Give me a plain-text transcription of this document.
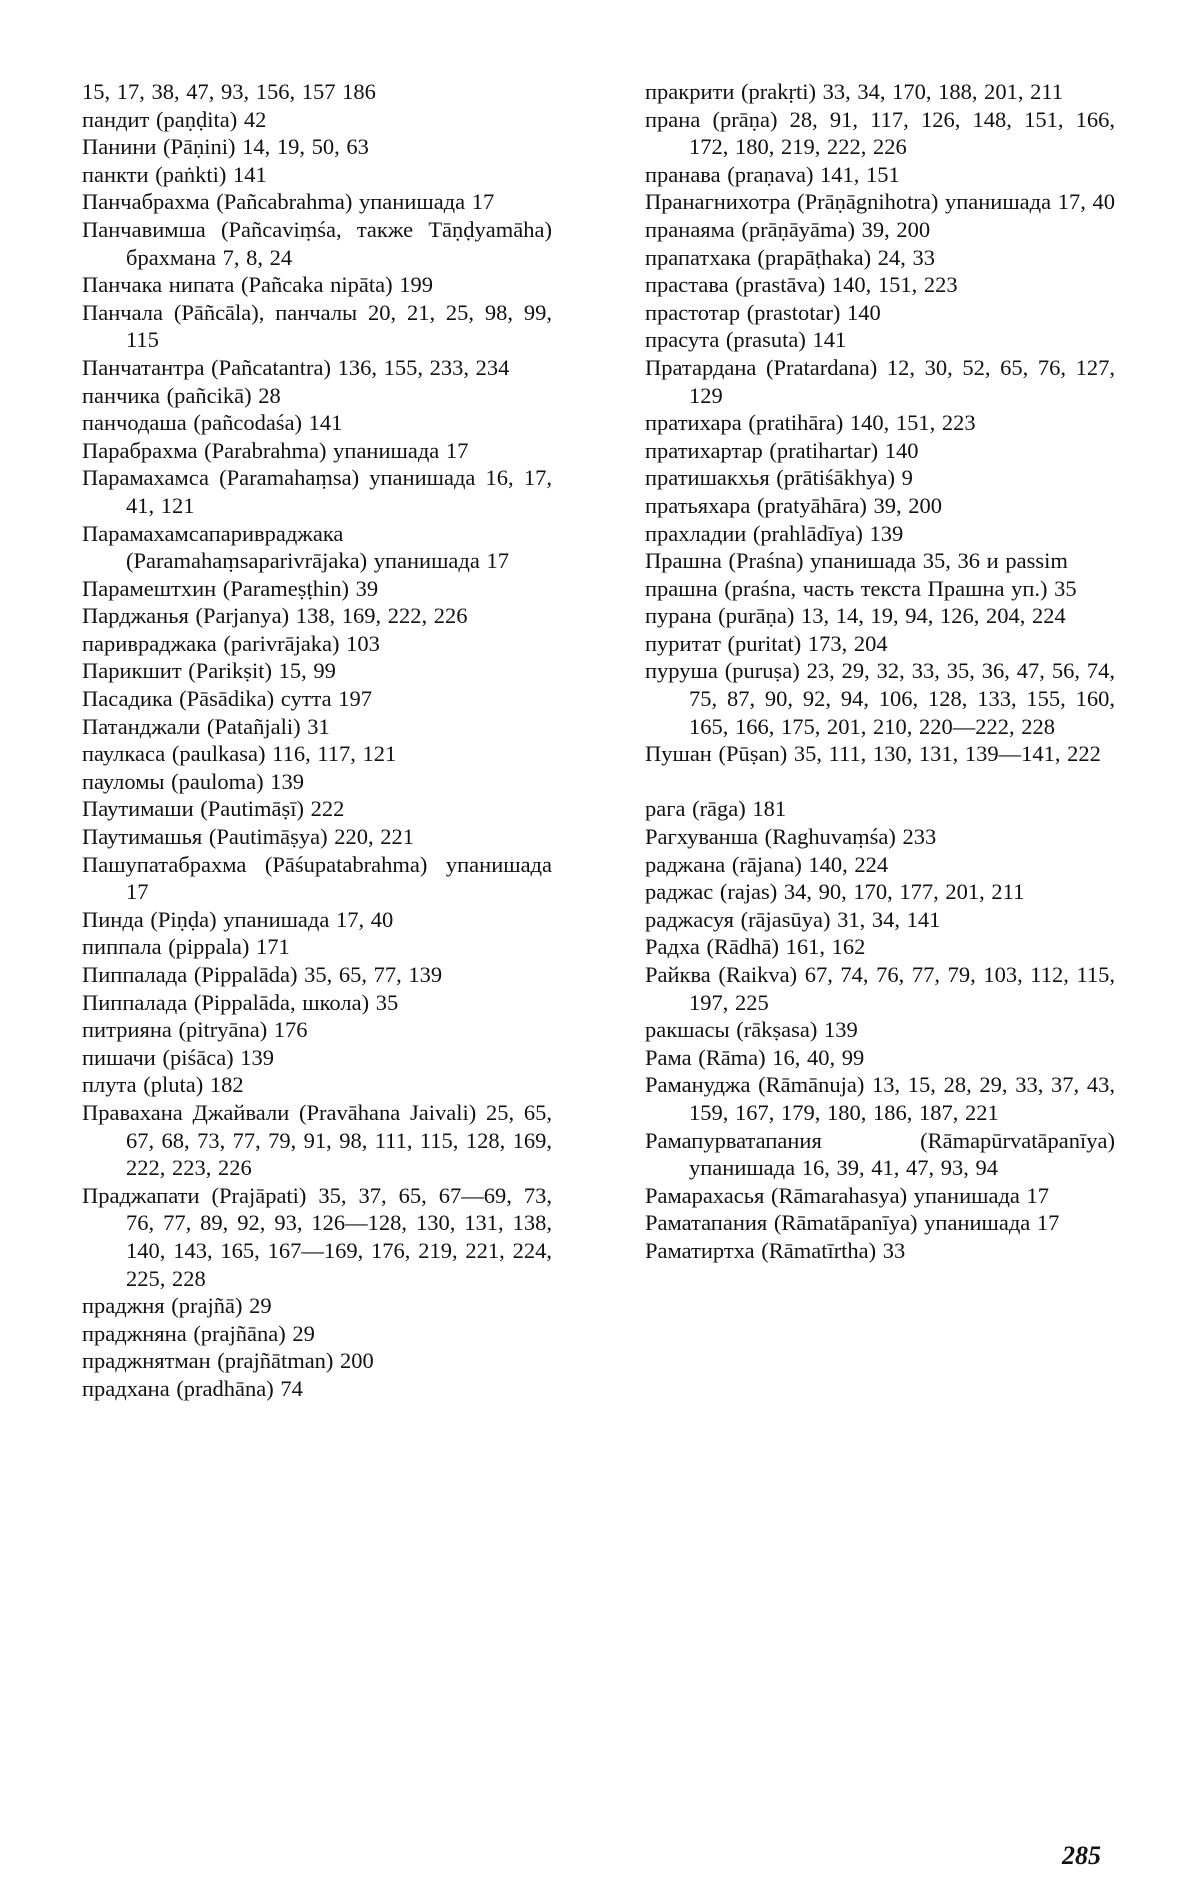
15, 17, 38, 47, 93, 156, 157 186
пандит (paṇḍita) 42
Панини (Pāṇini) 14, 19, 50, 63
панкти (paṅkti) 141
Панчабрахма (Pañcabrahma) упанишада 17
Панчавимша (Pañcaviṃśa, также Tāṇḍyamāha) брахмана 7, 8, 24
Панчака нипата (Pañcaka nipāta) 199
Панчала (Pāñcāla), панчалы 20, 21, 25, 98, 99, 115
Панчатантра (Pañcatantra) 136, 155, 233, 234
панчика (pañcikā) 28
панчодаша (pañcodaśa) 141
Парабрахма (Parabrahma) упанишада 17
Парамахамса (Paramahaṃsa) упанишада 16, 17, 41, 121
Парамахамсапаривраджака (Paramahaṃsaparivrājaka) упанишада 17
Парамештхин (Parameṣṭhin) 39
Парджанья (Parjanya) 138, 169, 222, 226
паривраджака (parivrājaka) 103
Парикшит (Parikṣit) 15, 99
Пасадика (Pāsādika) сутта 197
Патанджали (Patañjali) 31
паулкаса (paulkasa) 116, 117, 121
пауломы (pauloma) 139
Паутимаши (Pautimāṣī) 222
Паутимашья (Pautimāṣya) 220, 221
Пашупатабрахма (Pāśupatabrahma) упанишада 17
Пинда (Piṇḍa) упанишада 17, 40
пиппала (pippala) 171
Пиппалада (Pippalāda) 35, 65, 77, 139
Пиппалада (Pippalāda, школа) 35
питрияна (pitryāna) 176
пишачи (piśāca) 139
плута (pluta) 182
Правахана Джайвали (Pravāhana Jaivali) 25, 65, 67, 68, 73, 77, 79, 91, 98, 111, 115, 128, 169, 222, 223, 226
Праджапати (Prajāpati) 35, 37, 65, 67—69, 73, 76, 77, 89, 92, 93, 126—128, 130, 131, 138, 140, 143, 165, 167—169, 176, 219, 221, 224, 225, 228
праджня (prajñā) 29
праджняна (prajñāna) 29
праджнятман (prajñātman) 200
прадхана (pradhāna) 74
пракрити (prakṛti) 33, 34, 170, 188, 201, 211
прана (prāṇa) 28, 91, 117, 126, 148, 151, 166, 172, 180, 219, 222, 226
пранава (praṇava) 141, 151
Пранагнихотра (Prāṇāgnihotra) упанишада 17, 40
пранаяма (prāṇāyāma) 39, 200
прапатхака (prapāṭhaka) 24, 33
прастава (prastāva) 140, 151, 223
прастотар (prastotar) 140
прасута (prasuta) 141
Пратардана (Pratardana) 12, 30, 52, 65, 76, 127, 129
пратихара (pratihāra) 140, 151, 223
пратихартар (pratihartar) 140
пратишакхья (prātiśākhya) 9
пратьяхара (pratyāhāra) 39, 200
прахладии (prahlādīya) 139
Прашна (Praśna) упанишада 35, 36 и passim
прашна (praśna, часть текста Прашна уп.) 35
пурана (purāṇa) 13, 14, 19, 94, 126, 204, 224
пуритат (puritat) 173, 204
пуруша (puruṣa) 23, 29, 32, 33, 35, 36, 47, 56, 74, 75, 87, 90, 92, 94, 106, 128, 133, 155, 160, 165, 166, 175, 201, 210, 220—222, 228
Пушан (Pūṣan) 35, 111, 130, 131, 139—141, 222
рага (rāga) 181
Рагхуванша (Raghuvaṃśa) 233
раджана (rājana) 140, 224
раджас (rajas) 34, 90, 170, 177, 201, 211
раджасуя (rājasūya) 31, 34, 141
Радха (Rādhā) 161, 162
Райква (Raikva) 67, 74, 76, 77, 79, 103, 112, 115, 197, 225
ракшасы (rākṣasa) 139
Рама (Rāma) 16, 40, 99
Рамануджа (Rāmānuja) 13, 15, 28, 29, 33, 37, 43, 159, 167, 179, 180, 186, 187, 221
Рамапурватапания (Rāmapūrvatāpanīya) упанишада 16, 39, 41, 47, 93, 94
Рамарахасья (Rāmarahasya) упанишада 17
Раматапания (Rāmatāpanīya) упанишада 17
Раматиртха (Rāmatīrtha) 33
285
